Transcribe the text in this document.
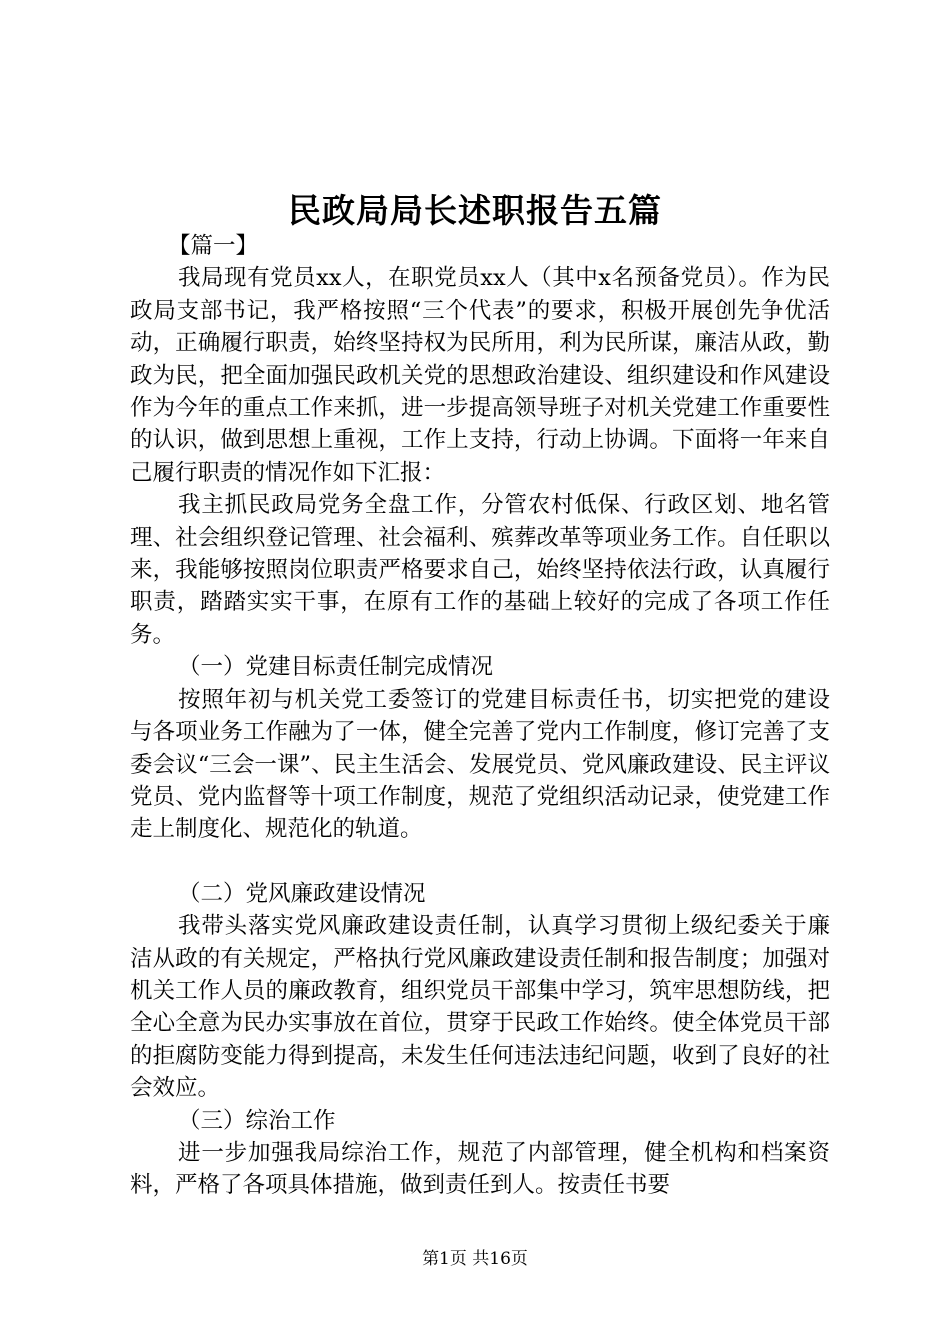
民政局局长述职报告五篇

【篇一】

我局现有党员xx人，在职党员xx人（其中x名预备党员）。作为民政局支部书记，我严格按照“三个代表”的要求，积极开展创先争优活动，正确履行职责，始终坚持权为民所用，利为民所谋，廉洁从政，勤政为民，把全面加强民政机关党的思想政治建设、组织建设和作风建设作为今年的重点工作来抓，进一步提高领导班子对机关党建工作重要性的认识，做到思想上重视，工作上支持，行动上协调。下面将一年来自己履行职责的情况作如下汇报：

我主抓民政局党务全盘工作，分管农村低保、行政区划、地名管理、社会组织登记管理、社会福利、殡葬改革等项业务工作。自任职以来，我能够按照岗位职责严格要求自己，始终坚持依法行政，认真履行职责，踏踏实实干事，在原有工作的基础上较好的完成了各项工作任务。

（一）党建目标责任制完成情况

按照年初与机关党工委签订的党建目标责任书，切实把党的建设与各项业务工作融为了一体，健全完善了党内工作制度，修订完善了支委会议“三会一课”、民主生活会、发展党员、党风廉政建设、民主评议党员、党内监督等十项工作制度，规范了党组织活动记录，使党建工作走上制度化、规范化的轨道。

（二）党风廉政建设情况

我带头落实党风廉政建设责任制，认真学习贯彻上级纪委关于廉洁从政的有关规定，严格执行党风廉政建设责任制和报告制度；加强对机关工作人员的廉政教育，组织党员干部集中学习，筑牢思想防线，把全心全意为民办实事放在首位，贯穿于民政工作始终。使全体党员干部的拒腐防变能力得到提高，未发生任何违法违纪问题，收到了良好的社会效应。

（三）综治工作

进一步加强我局综治工作，规范了内部管理，健全机构和档案资料，严格了各项具体措施，做到责任到人。按责任书要

第1页 共16页
